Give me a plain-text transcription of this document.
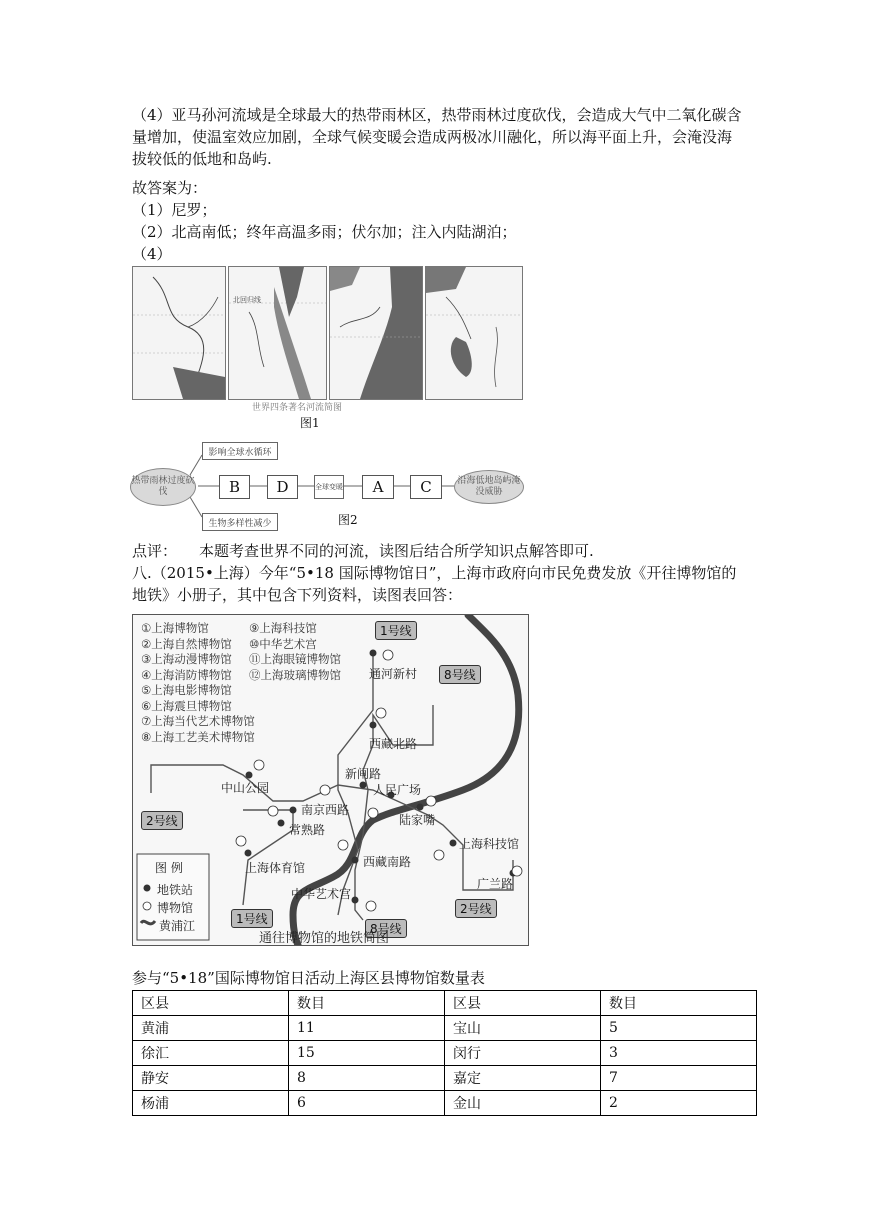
（4）亚马孙河流域是全球最大的热带雨林区，热带雨林过度砍伐，会造成大气中二氧化碳含量增加，使温室效应加剧，全球气候变暖会造成两极冰川融化，所以海平面上升，会淹没海拔较低的低地和岛屿.
故答案为：
（1）尼罗；
（2）北高南低；终年高温多雨；伏尔加；注入内陆湖泊；
（4）
北回归线
世界四条著名河流简图
图1
热带雨林过度砍伐
影响全球水循环
生物多样性减少
B	D	全球变暖	A	C	沿海低地岛屿淹没威胁
图2
点评： 本题考查世界不同的河流，读图后结合所学知识点解答即可.
八.（2015•上海）今年“5•18 国际博物馆日”，上海市政府向市民免费发放《开往博物馆的地铁》小册子，其中包含下列资料，读图表回答：
①上海博物馆
②上海自然博物馆
③上海动漫博物馆
④上海消防博物馆
⑤上海电影博物馆
⑥上海震旦博物馆
⑦上海当代艺术博物馆
⑧上海工艺美术博物馆
⑨上海科技馆
⑩中华艺术宫
⑪上海眼镜博物馆
⑫上海玻璃博物馆
1号线
8号线
2号线
1号线
8号线
2号线
通河新村
西藏北路
新闸路
人民广场
中山公园
南京西路
常熟路
陆家嘴
上海科技馆
上海体育馆	西藏南路
中华艺术宫
广兰路
图 例
地铁站
博物馆
黄浦江
通往博物馆的地铁简图
参与“5•18”国际博物馆日活动上海区县博物馆数量表
区县	数目	区县	数目
黄浦	11	宝山	5
徐汇	15	闵行	3
静安	8	嘉定	7
杨浦	6	金山	2
